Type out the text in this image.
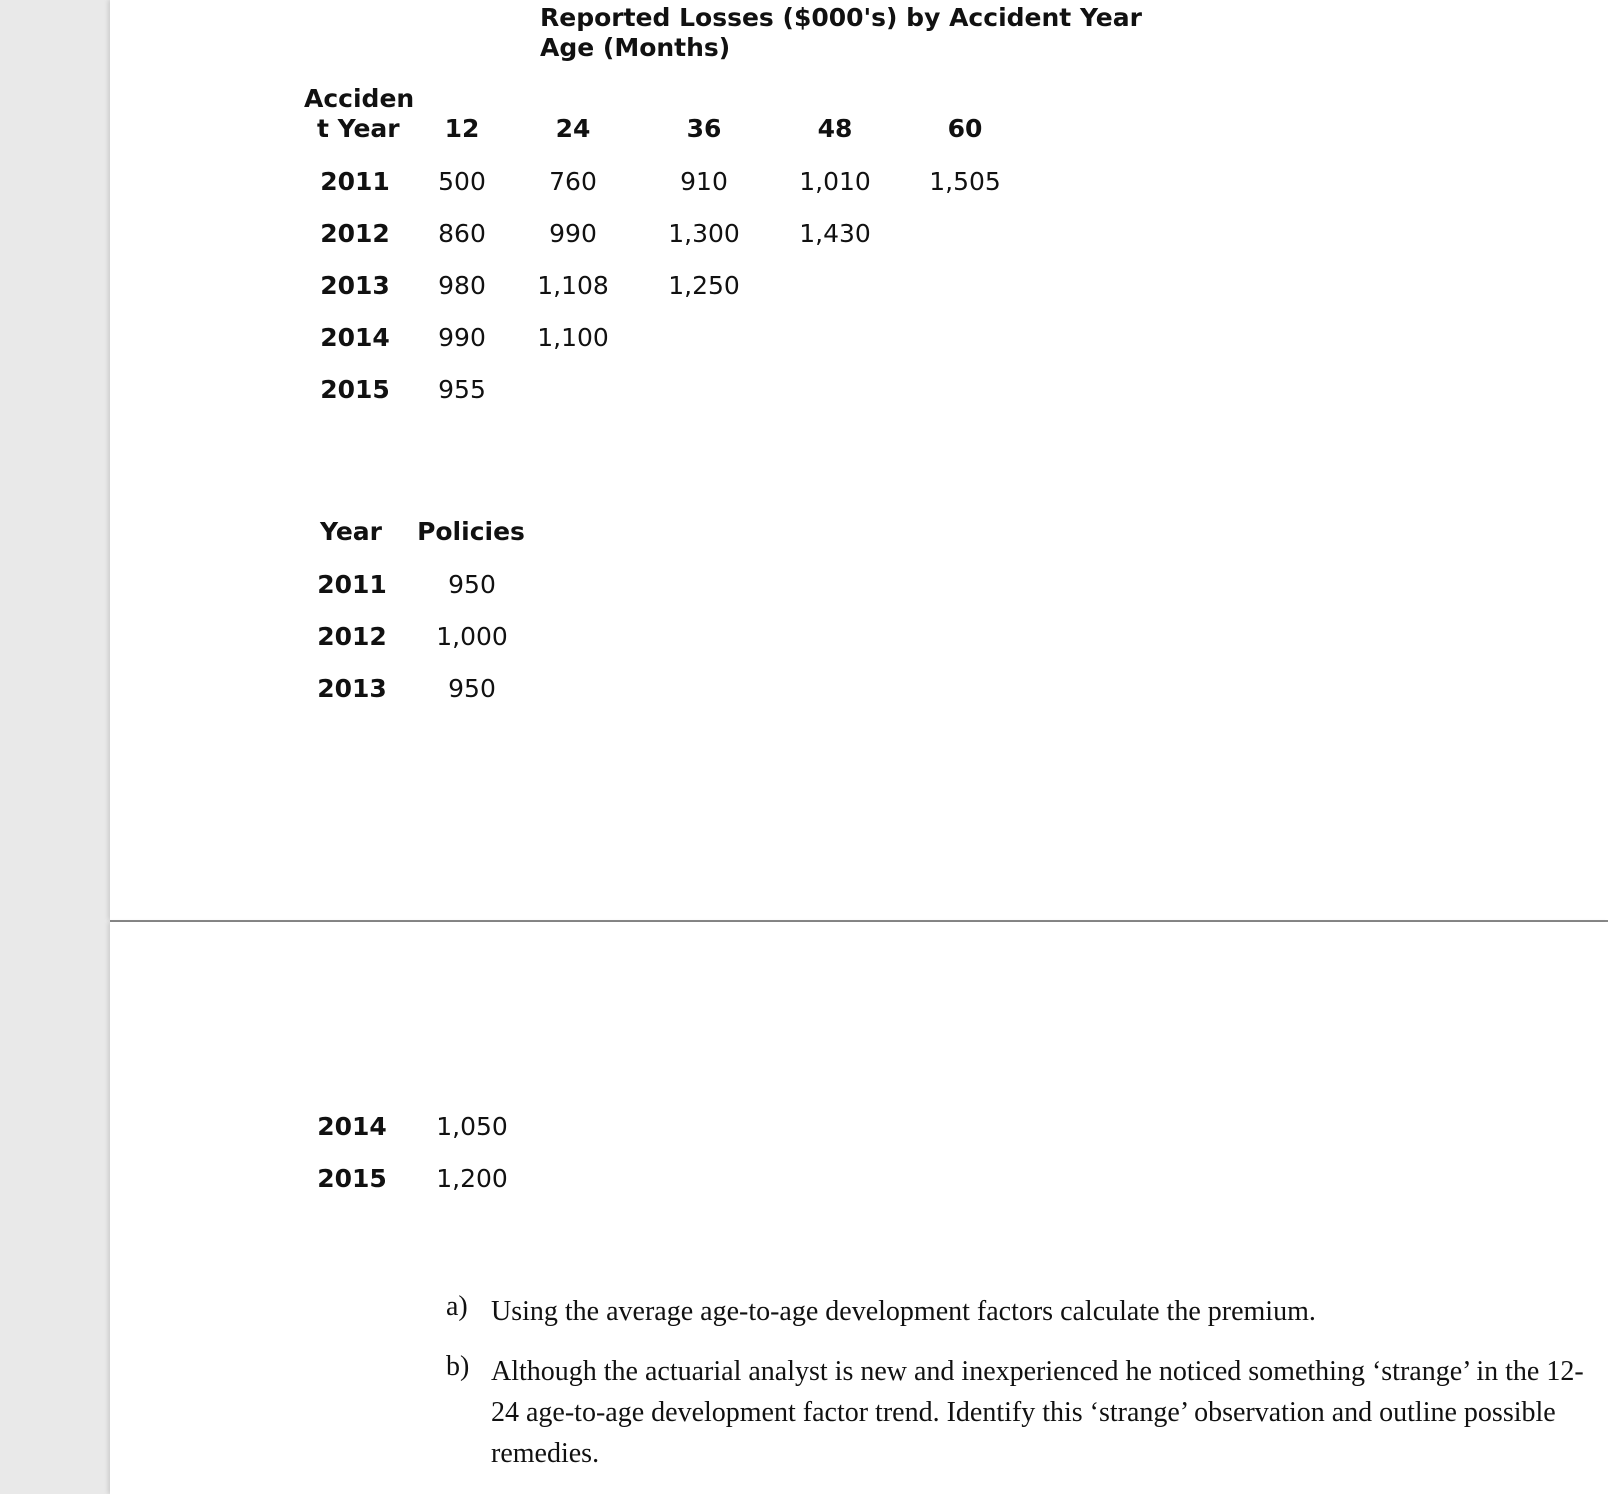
Reported Losses ($000's) by Accident Year
Age (Months)
Acciden
t Year 12	24	36	48	60
2011 500	760	910	1,010 1,505
2012 860	990	1,300 1,430
2013 980 1,108 1,250
2014 990 1,100
2015 955
Year Policies
2011 950
2012 1,000
2013 950
2014 1,050
2015 1,200
a) Using the average age-to-age development factors calculate the premium.
b) Although the actuarial analyst is new and inexperienced he noticed something ‘strange’ in the 12-24 age-to-age development factor trend. Identify this ‘strange’ observation and outline possible remedies.
